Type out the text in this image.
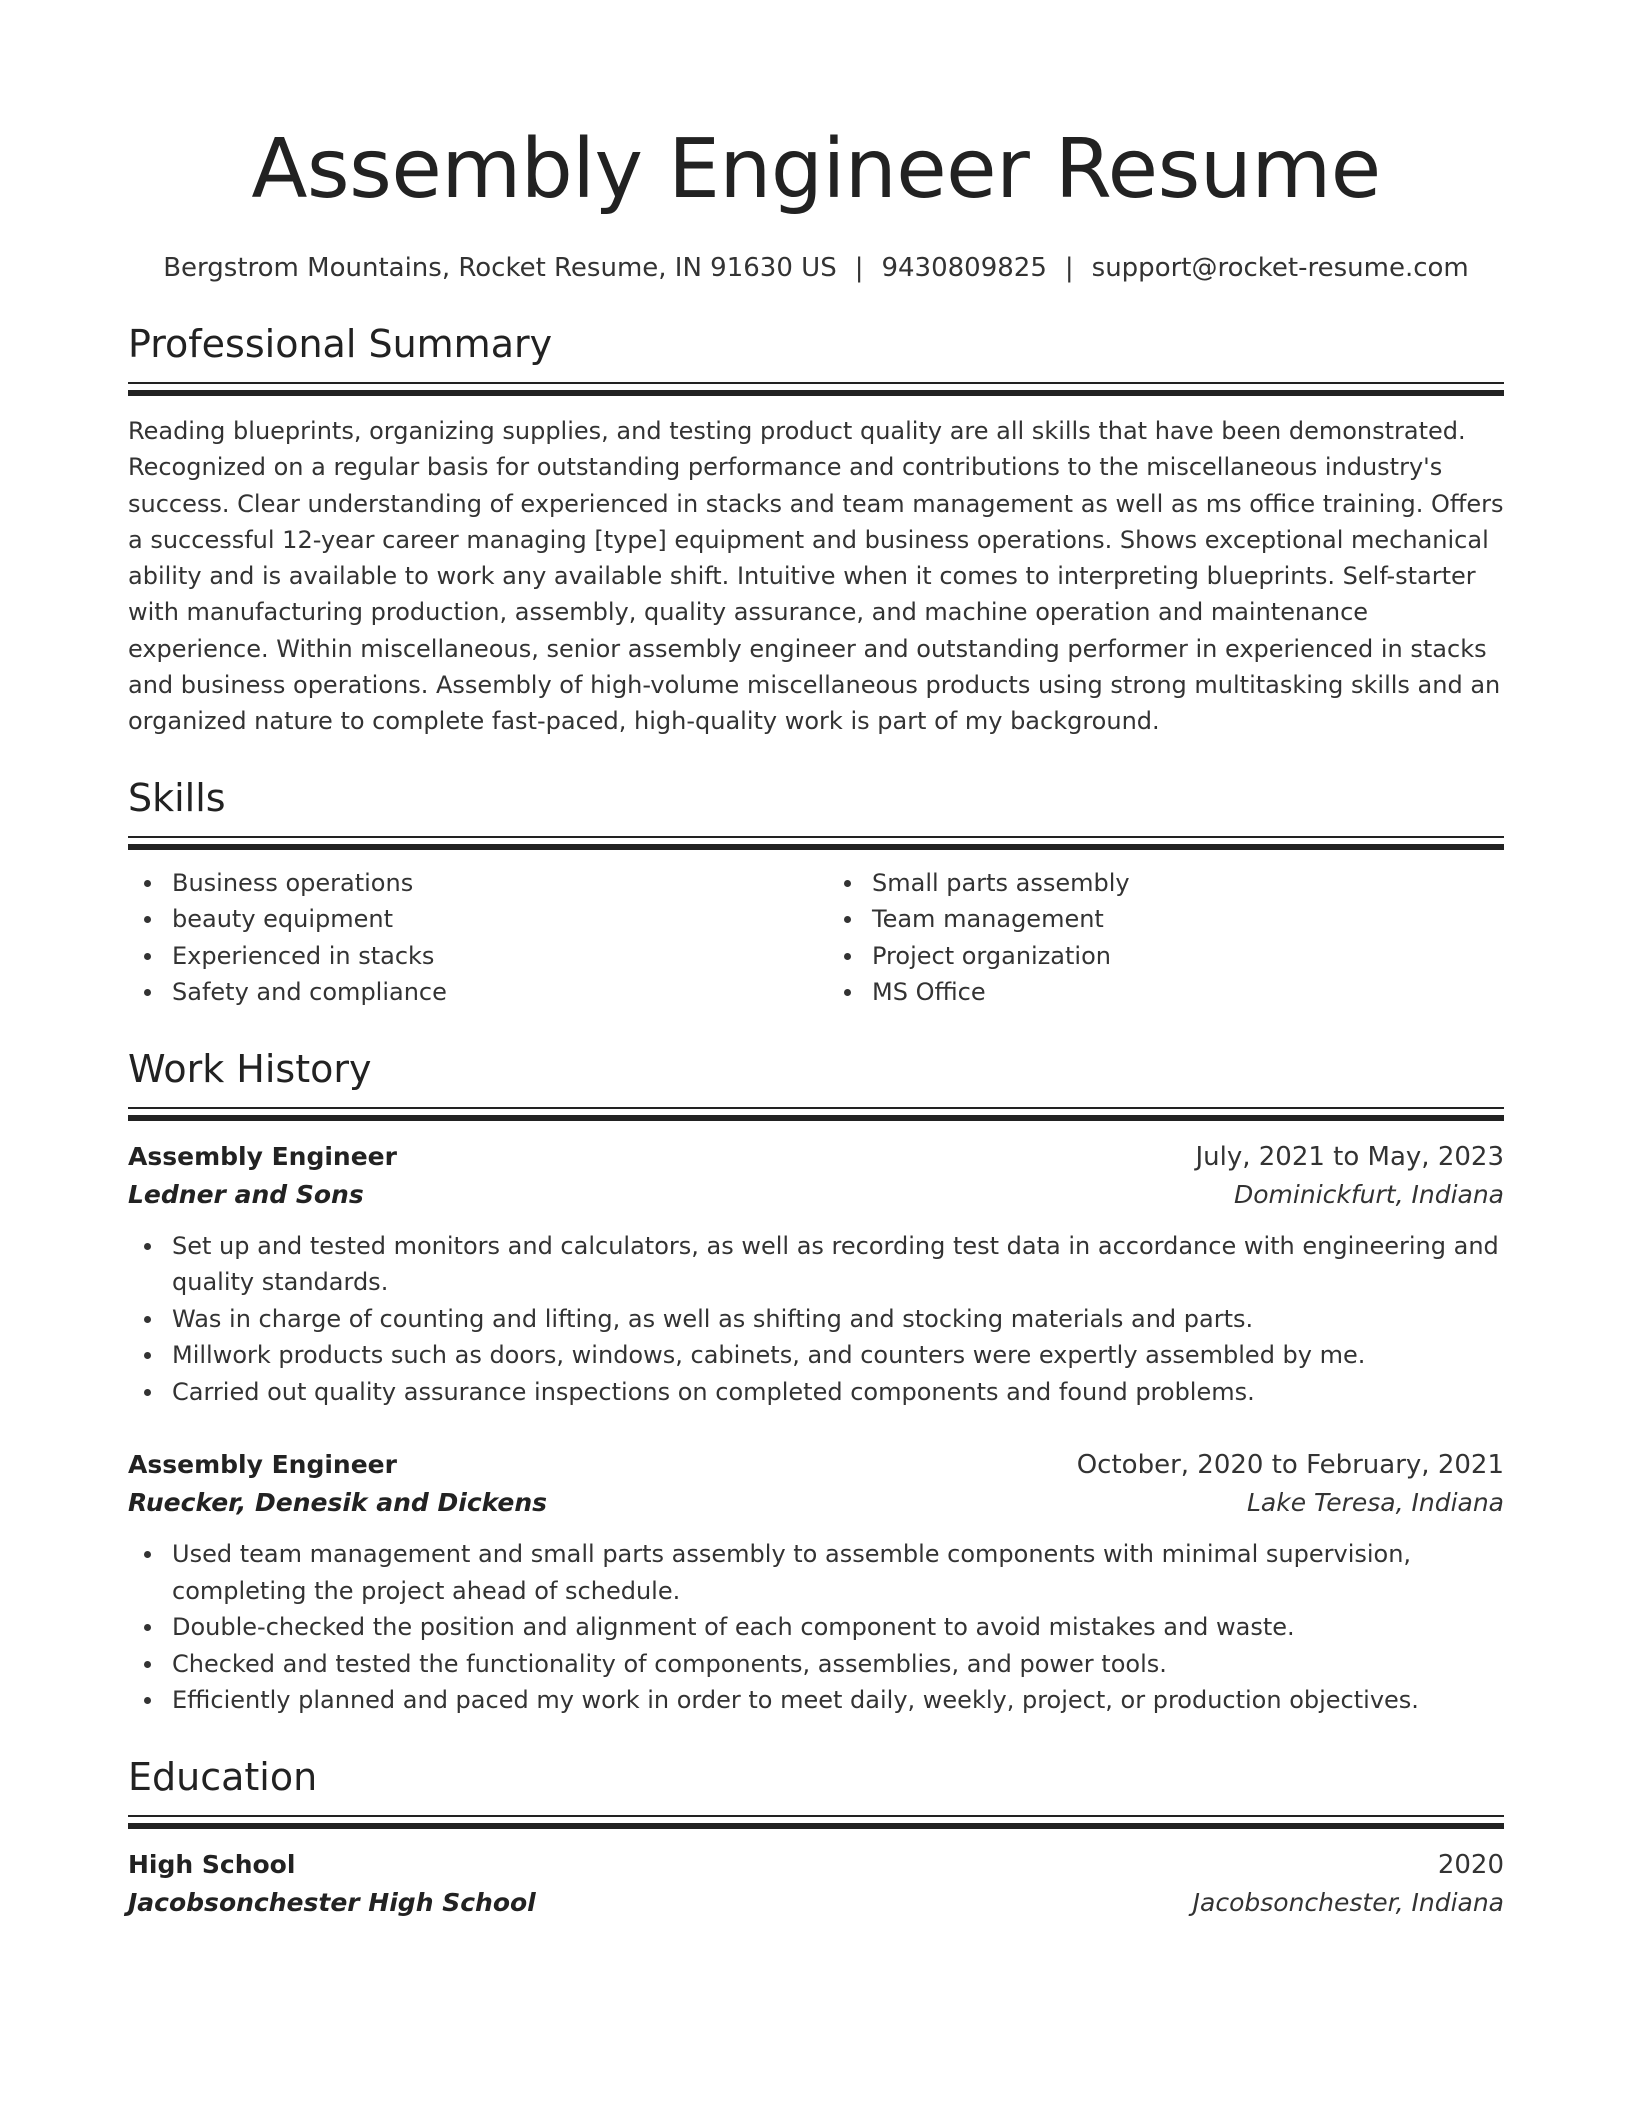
Assembly Engineer Resume
Bergstrom Mountains, Rocket Resume, IN 91630 US | 9430809825 | support@rocket-resume.com
Professional Summary

Reading blueprints, organizing supplies, and testing product quality are all skills that have been demonstrated. Recognized on a regular basis for outstanding performance and contributions to the miscellaneous industry's success. Clear understanding of experienced in stacks and team management as well as ms office training. Offers a successful 12-year career managing [type] equipment and business operations. Shows exceptional mechanical ability and is available to work any available shift. Intuitive when it comes to interpreting blueprints. Self-starter with manufacturing production, assembly, quality assurance, and machine operation and maintenance experience. Within miscellaneous, senior assembly engineer and outstanding performer in experienced in stacks and business operations. Assembly of high-volume miscellaneous products using strong multitasking skills and an organized nature to complete fast-paced, high-quality work is part of my background.

Skills
Business operations
beauty equipment
Experienced in stacks
Safety and compliance
Small parts assembly
Team management
Project organization
MS Office
Work History
Assembly Engineer	July, 2021 to May, 2023
Ledner and Sons	Dominickfurt, Indiana
Set up and tested monitors and calculators, as well as recording test data in accordance with engineering and quality standards.
Was in charge of counting and lifting, as well as shifting and stocking materials and parts.
Millwork products such as doors, windows, cabinets, and counters were expertly assembled by me.
Carried out quality assurance inspections on completed components and found problems.
Assembly Engineer	October, 2020 to February, 2021
Ruecker, Denesik and Dickens	Lake Teresa, Indiana
Used team management and small parts assembly to assemble components with minimal supervision, completing the project ahead of schedule.
Double-checked the position and alignment of each component to avoid mistakes and waste.
Checked and tested the functionality of components, assemblies, and power tools.
Efficiently planned and paced my work in order to meet daily, weekly, project, or production objectives.
Education
High School	2020
Jacobsonchester High School	Jacobsonchester, Indiana
